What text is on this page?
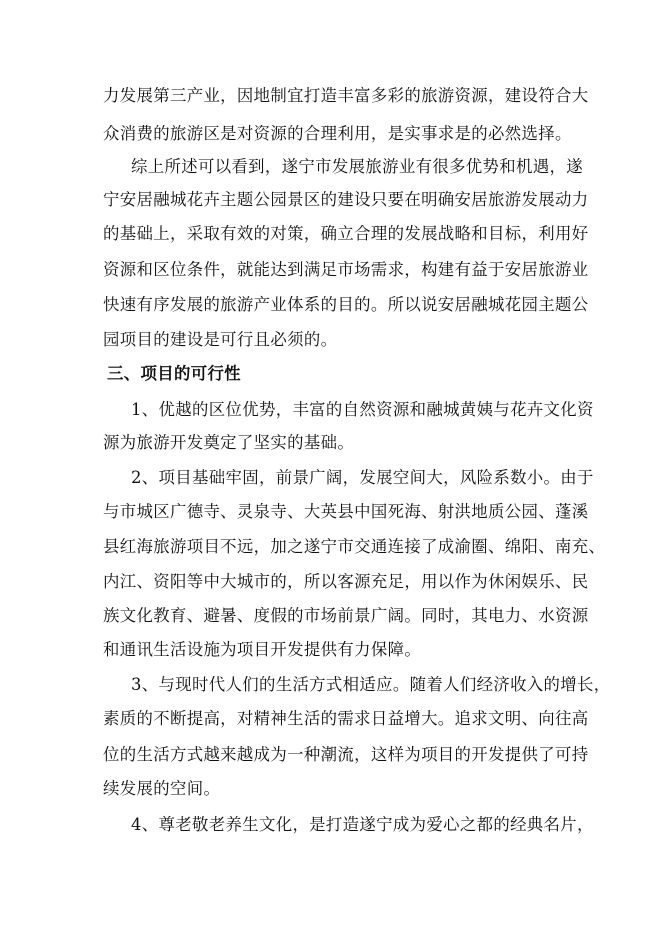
力发展第三产业，因地制宜打造丰富多彩的旅游资源，建设符合大
众消费的旅游区是对资源的合理利用，是实事求是的必然选择。
综上所述可以看到，遂宁市发展旅游业有很多优势和机遇，遂
宁安居融城花卉主题公园景区的建设只要在明确安居旅游发展动力
的基础上，采取有效的对策，确立合理的发展战略和目标，利用好
资源和区位条件，就能达到满足市场需求，构建有益于安居旅游业
快速有序发展的旅游产业体系的目的。所以说安居融城花园主题公
园项目的建设是可行且必须的。
三、项目的可行性
1、优越的区位优势，丰富的自然资源和融城黄姨与花卉文化资
源为旅游开发奠定了坚实的基础。
2、项目基础牢固，前景广阔，发展空间大，风险系数小。由于
与市城区广德寺、灵泉寺、大英县中国死海、射洪地质公园、蓬溪
县红海旅游项目不远，加之遂宁市交通连接了成渝圈、绵阳、南充、
内江、资阳等中大城市的，所以客源充足，用以作为休闲娱乐、民
族文化教育、避暑、度假的市场前景广阔。同时，其电力、水资源
和通讯生活设施为项目开发提供有力保障。
3、与现时代人们的生活方式相适应。随着人们经济收入的增长，
素质的不断提高，对精神生活的需求日益增大。追求文明、向往高
位的生活方式越来越成为一种潮流，这样为项目的开发提供了可持
续发展的空间。
4、尊老敬老养生文化，是打造遂宁成为爱心之都的经典名片，
